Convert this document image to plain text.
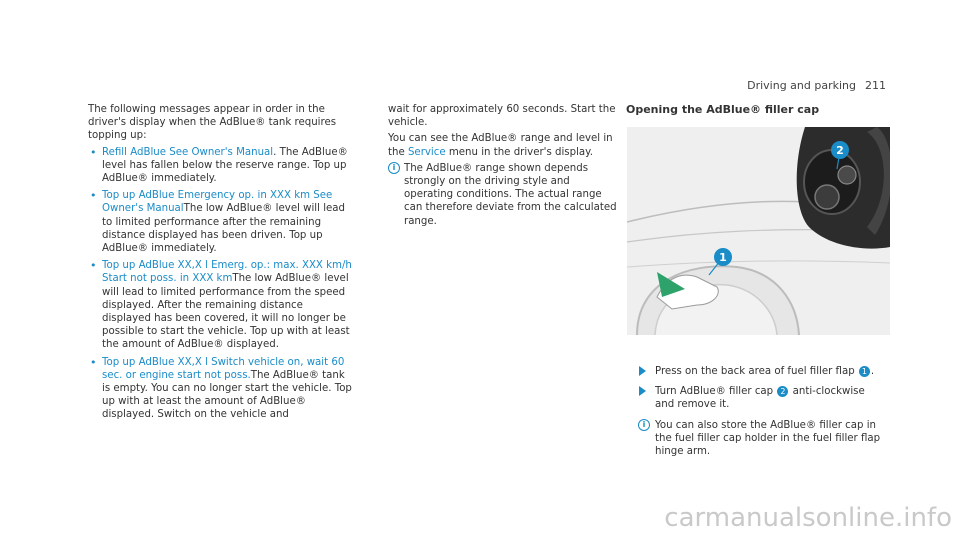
Driving and parking 211

The following messages appear in order in the driver's display when the AdBlue® tank requires topping up:

• Refill AdBlue See Owner's Manual. The AdBlue® level has fallen below the reserve range. Top up AdBlue® immediately.
• Top up AdBlue Emergency op. in XXX km See Owner's ManualThe low AdBlue® level will lead to limited performance after the remaining distance displayed has been driven. Top up AdBlue® immediately.
• Top up AdBlue XX,X l Emerg. op.: max. XXX km/h Start not poss. in XXX kmThe low AdBlue® level will lead to limited performance from the speed displayed. After the remaining distance displayed has been covered, it will no longer be possible to start the vehicle. Top up with at least the amount of AdBlue® displayed.
• Top up AdBlue XX,X l Switch vehicle on, wait 60 sec. or engine start not poss.The AdBlue® tank is empty. You can no longer start the vehicle. Top up with at least the amount of AdBlue® displayed. Switch on the vehicle and

wait for approximately 60 seconds. Start the vehicle.

You can see the AdBlue® range and level in the Service menu in the driver's display.

i The AdBlue® range shown depends strongly on the driving style and operating conditions. The actual range can therefore deviate from the calculated range.
Opening the AdBlue® filler cap
1
2
Press on the back area of fuel filler flap 1 .
Turn AdBlue® filler cap 2 anti-clockwise and remove it.
i You can also store the AdBlue® filler cap in the fuel filler cap holder in the fuel filler flap hinge arm.
carmanualsonline.info
